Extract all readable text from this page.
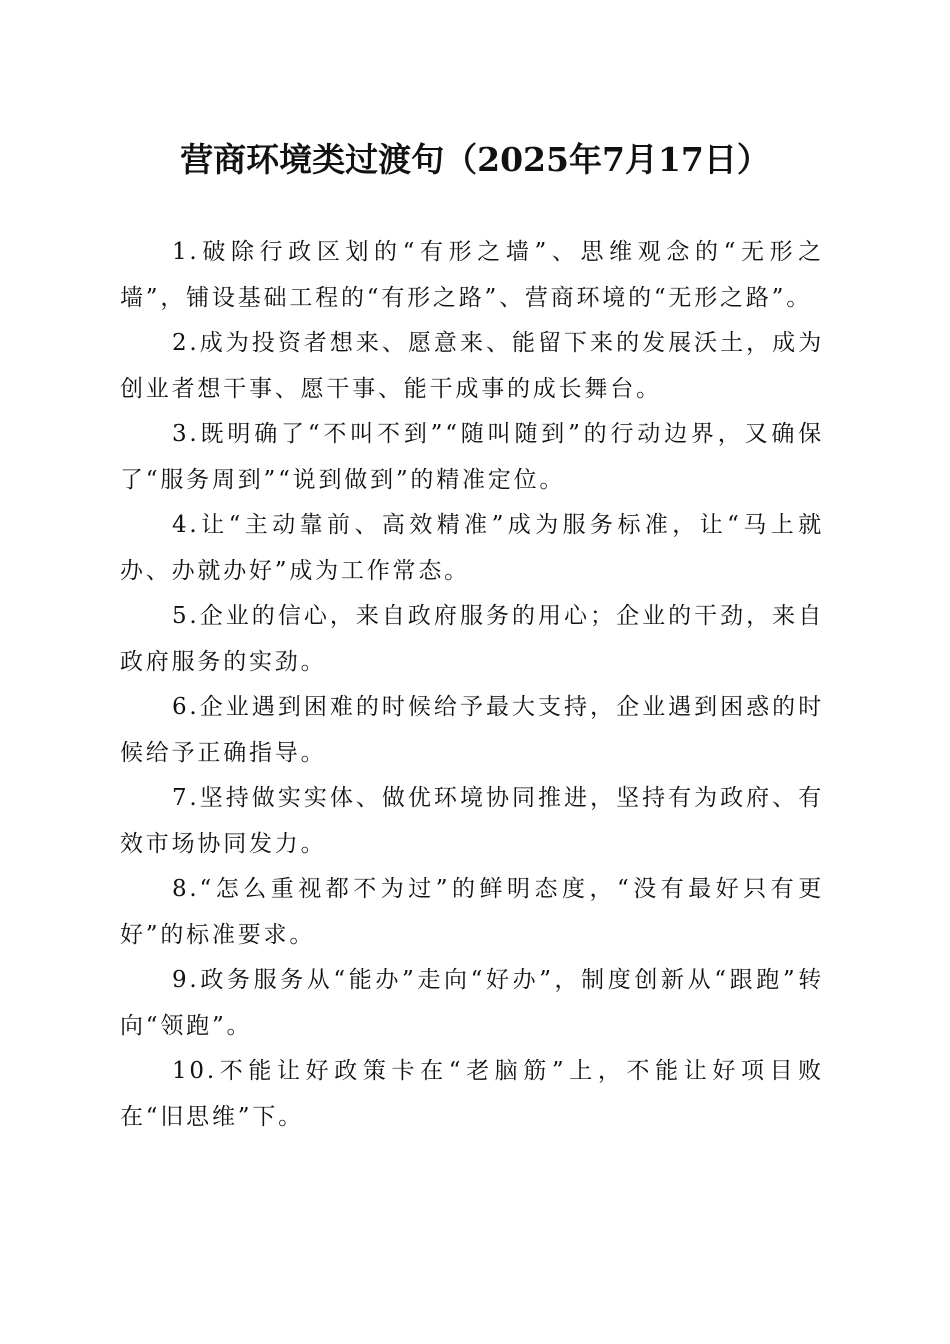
营商环境类过渡句（2025年7月17日）

1.破除行政区划的“有形之墙”、思维观念的“无形之墙”，铺设基础工程的“有形之路”、营商环境的“无形之路”。

2.成为投资者想来、愿意来、能留下来的发展沃土，成为创业者想干事、愿干事、能干成事的成长舞台。

3.既明确了“不叫不到”“随叫随到”的行动边界，又确保了“服务周到”“说到做到”的精准定位。

4.让“主动靠前、高效精准”成为服务标准，让“马上就办、办就办好”成为工作常态。

5.企业的信心，来自政府服务的用心；企业的干劲，来自政府服务的实劲。

6.企业遇到困难的时候给予最大支持，企业遇到困惑的时候给予正确指导。

7.坚持做实实体、做优环境协同推进，坚持有为政府、有效市场协同发力。

8.“怎么重视都不为过”的鲜明态度，“没有最好只有更好”的标准要求。

9.政务服务从“能办”走向“好办”，制度创新从“跟跑”转向“领跑”。

10.不能让好政策卡在“老脑筋”上，不能让好项目败在“旧思维”下。
